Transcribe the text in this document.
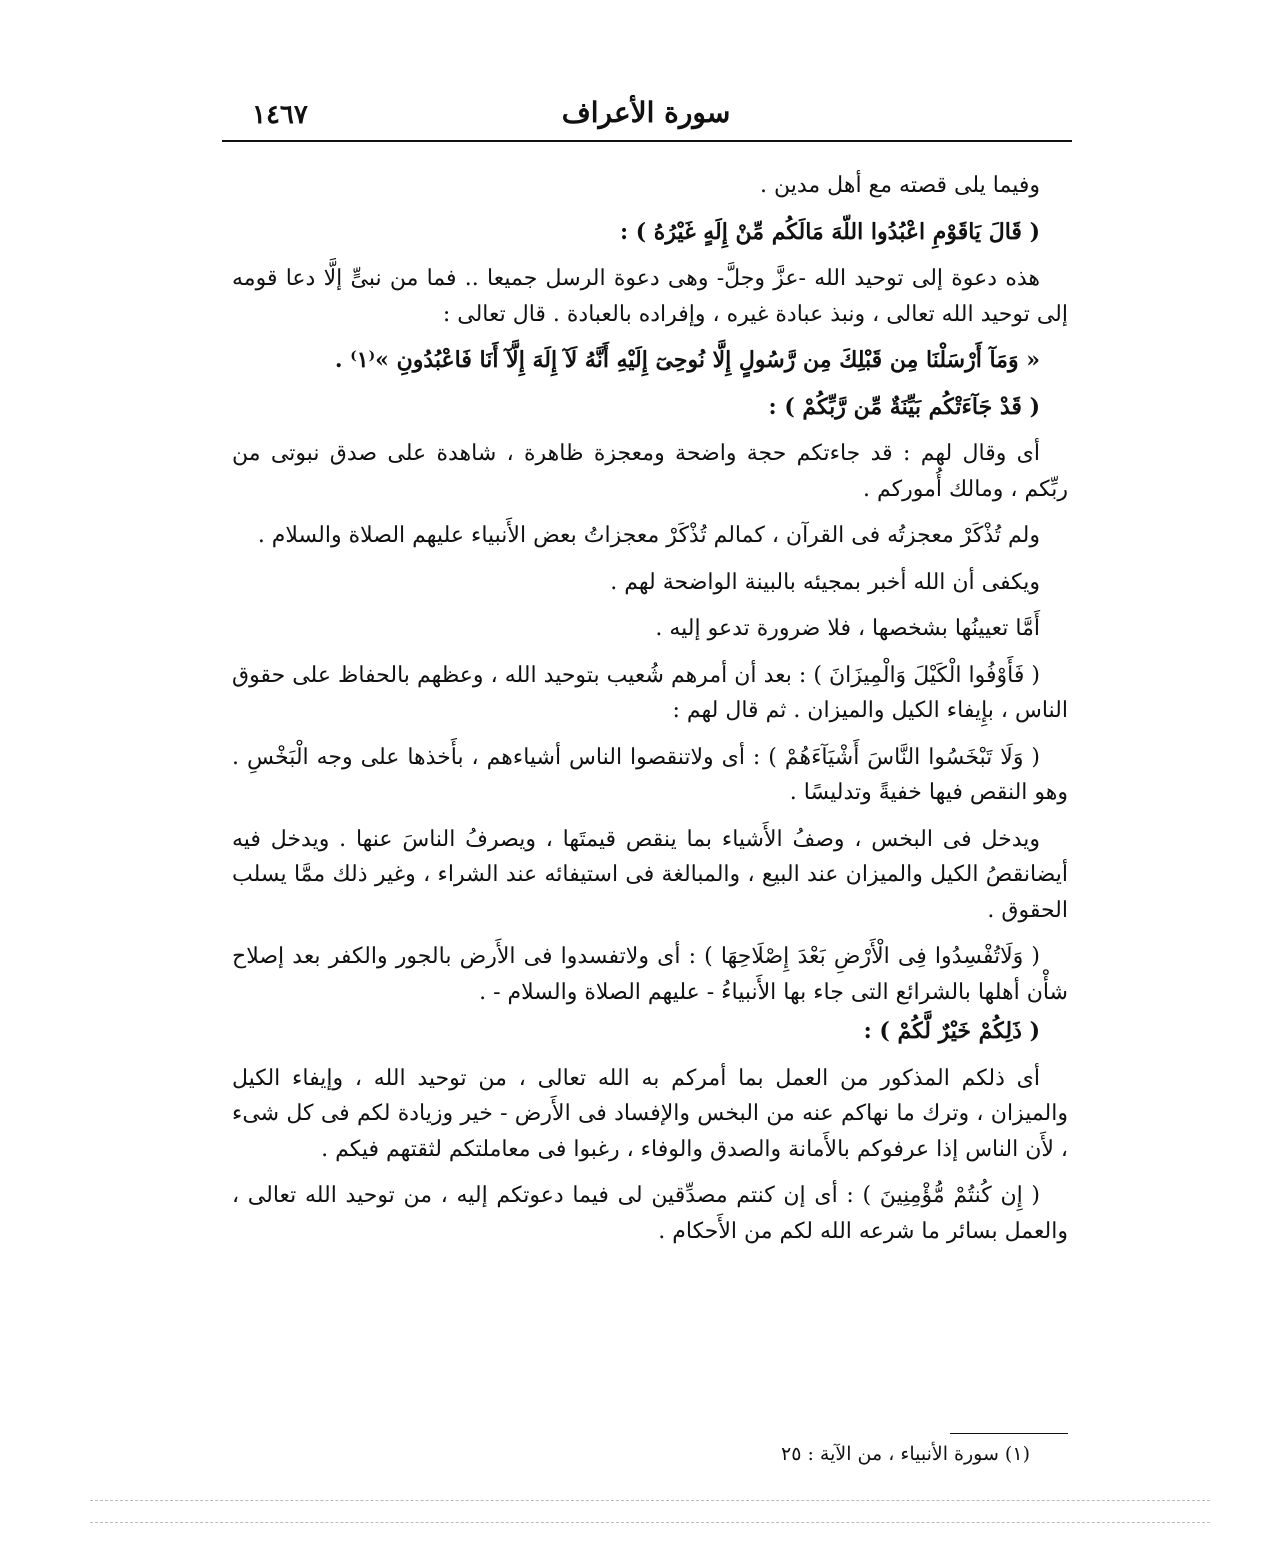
١٤٦٧	سورة الأعراف

وفيما يلى قصته مع أهل مدين .

( قَالَ يَاقَوْمِ اعْبُدُوا اللّهَ مَالَكُم مِّنْ إِلَهٍ غَيْرُهُ ) :

هذه دعوة إلى توحيد الله -عزَّ وجلَّ- وهى دعوة الرسل جميعا .. فما من نبىٍّ إلَّا دعا قومه إلى توحيد الله تعالى ، ونبذ عبادة غيره ، وإفراده بالعبادة . قال تعالى :

« وَمَآ أَرْسَلْنَا مِن قَبْلِكَ مِن رَّسُولٍ إِلَّا نُوحِىٓ إِلَيْهِ أَنَّهُ لَآ إِلَهَ إِلَّآ أَنَا فَاعْبُدُونِ »⁽١⁾ .

( قَدْ جَآءَتْكُم بَيِّنَةٌ مِّن رَّبِّكُمْ ) :

أى وقال لهم : قد جاءتكم حجة واضحة ومعجزة ظاهرة ، شاهدة على صدق نبوتى من ربِّكم ، ومالك أُموركم .

ولم تُذْكَرْ معجزتُه فى القرآن ، كمالم تُذْكَرْ معجزاتُ بعض الأَنبياء عليهم الصلاة والسلام .

ويكفى أن الله أخبر بمجيئه بالبينة الواضحة لهم .

أَمَّا تعيينُها بشخصها ، فلا ضرورة تدعو إليه .

( فَأَوْفُوا الْكَيْلَ وَالْمِيزَانَ ) : بعد أن أمرهم شُعيب بتوحيد الله ، وعظهم بالحفاظ على حقوق الناس ، بإِيفاء الكيل والميزان . ثم قال لهم :

( وَلَا تَبْخَسُوا النَّاسَ أَشْيَآءَهُمْ ) : أى ولاتنقصوا الناس أشياءهم ، بأَخذها على وجه الْبَخْسِ . وهو النقص فيها خفيةً وتدليسًا .

ويدخل فى البخس ، وصفُ الأَشياء بما ينقص قيمتَها ، ويصرفُ الناسَ عنها . ويدخل فيه أيضانقصُ الكيل والميزان عند البيع ، والمبالغة فى استيفائه عند الشراء ، وغير ذلك ممَّا يسلب الحقوق .

( وَلَاتُفْسِدُوا فِى الْأَرْضِ بَعْدَ إِصْلَاحِهَا ) : أى ولاتفسدوا فى الأَرض بالجور والكفر بعد إصلاح شأْن أهلها بالشرائع التى جاء بها الأَنبياءُ - عليهم الصلاة والسلام - .

( ذَلِكُمْ خَيْرٌ لَّكُمْ ) :

أى ذلكم المذكور من العمل بما أمركم به الله تعالى ، من توحيد الله ، وإيفاء الكيل والميزان ، وترك ما نهاكم عنه من البخس والإفساد فى الأَرض - خير وزيادة لكم فى كل شىء ، لأَن الناس إذا عرفوكم بالأَمانة والصدق والوفاء ، رغبوا فى معاملتكم لثقتهم فيكم .

( إِن كُنتُمْ مُّؤْمِنِينَ ) : أى إن كنتم مصدِّقين لى فيما دعوتكم إليه ، من توحيد الله تعالى ، والعمل بسائر ما شرعه الله لكم من الأَحكام .

(١) سورة الأنبياء ، من الآية : ٢٥
